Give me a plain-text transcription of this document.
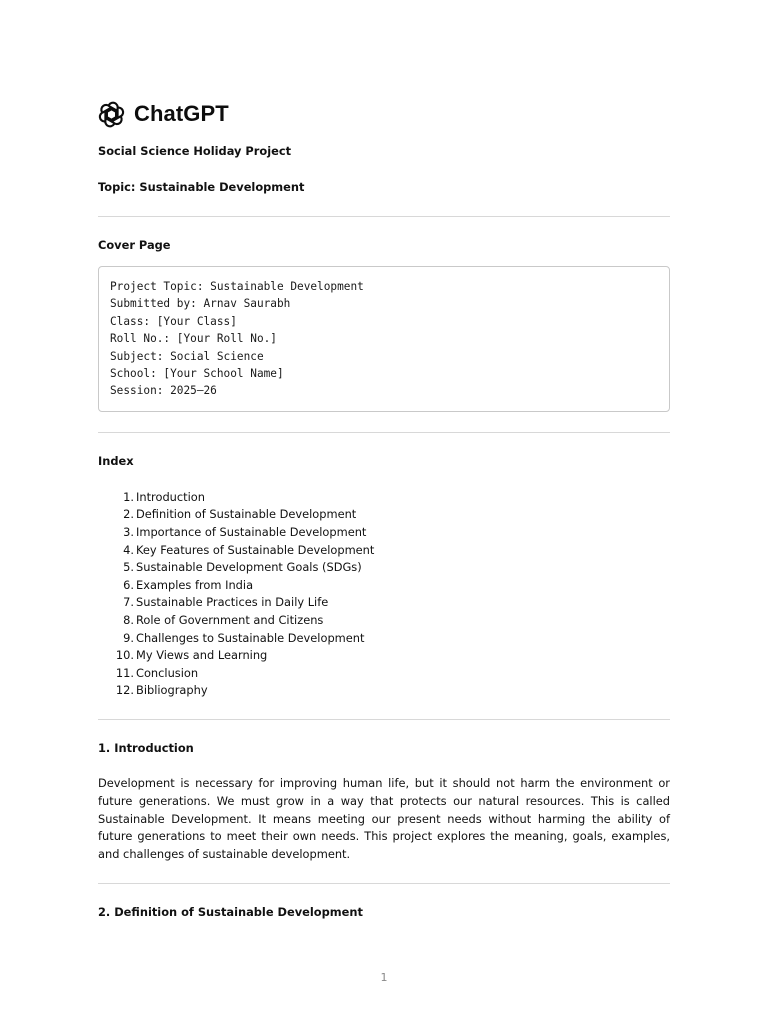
ChatGPT

Social Science Holiday Project

Topic: Sustainable Development

Cover Page

Project Topic: Sustainable Development
Submitted by: Arnav Saurabh
Class: [Your Class]
Roll No.: [Your Roll No.]
Subject: Social Science
School: [Your School Name]
Session: 2025–26

Index

1. Introduction
2. Definition of Sustainable Development
3. Importance of Sustainable Development
4. Key Features of Sustainable Development
5. Sustainable Development Goals (SDGs)
6. Examples from India
7. Sustainable Practices in Daily Life
8. Role of Government and Citizens
9. Challenges to Sustainable Development
10. My Views and Learning
11. Conclusion
12. Bibliography

1. Introduction

Development is necessary for improving human life, but it should not harm the environment or future generations. We must grow in a way that protects our natural resources. This is called Sustainable Development. It means meeting our present needs without harming the ability of future generations to meet their own needs. This project explores the meaning, goals, examples, and challenges of sustainable development.

2. Definition of Sustainable Development

1
